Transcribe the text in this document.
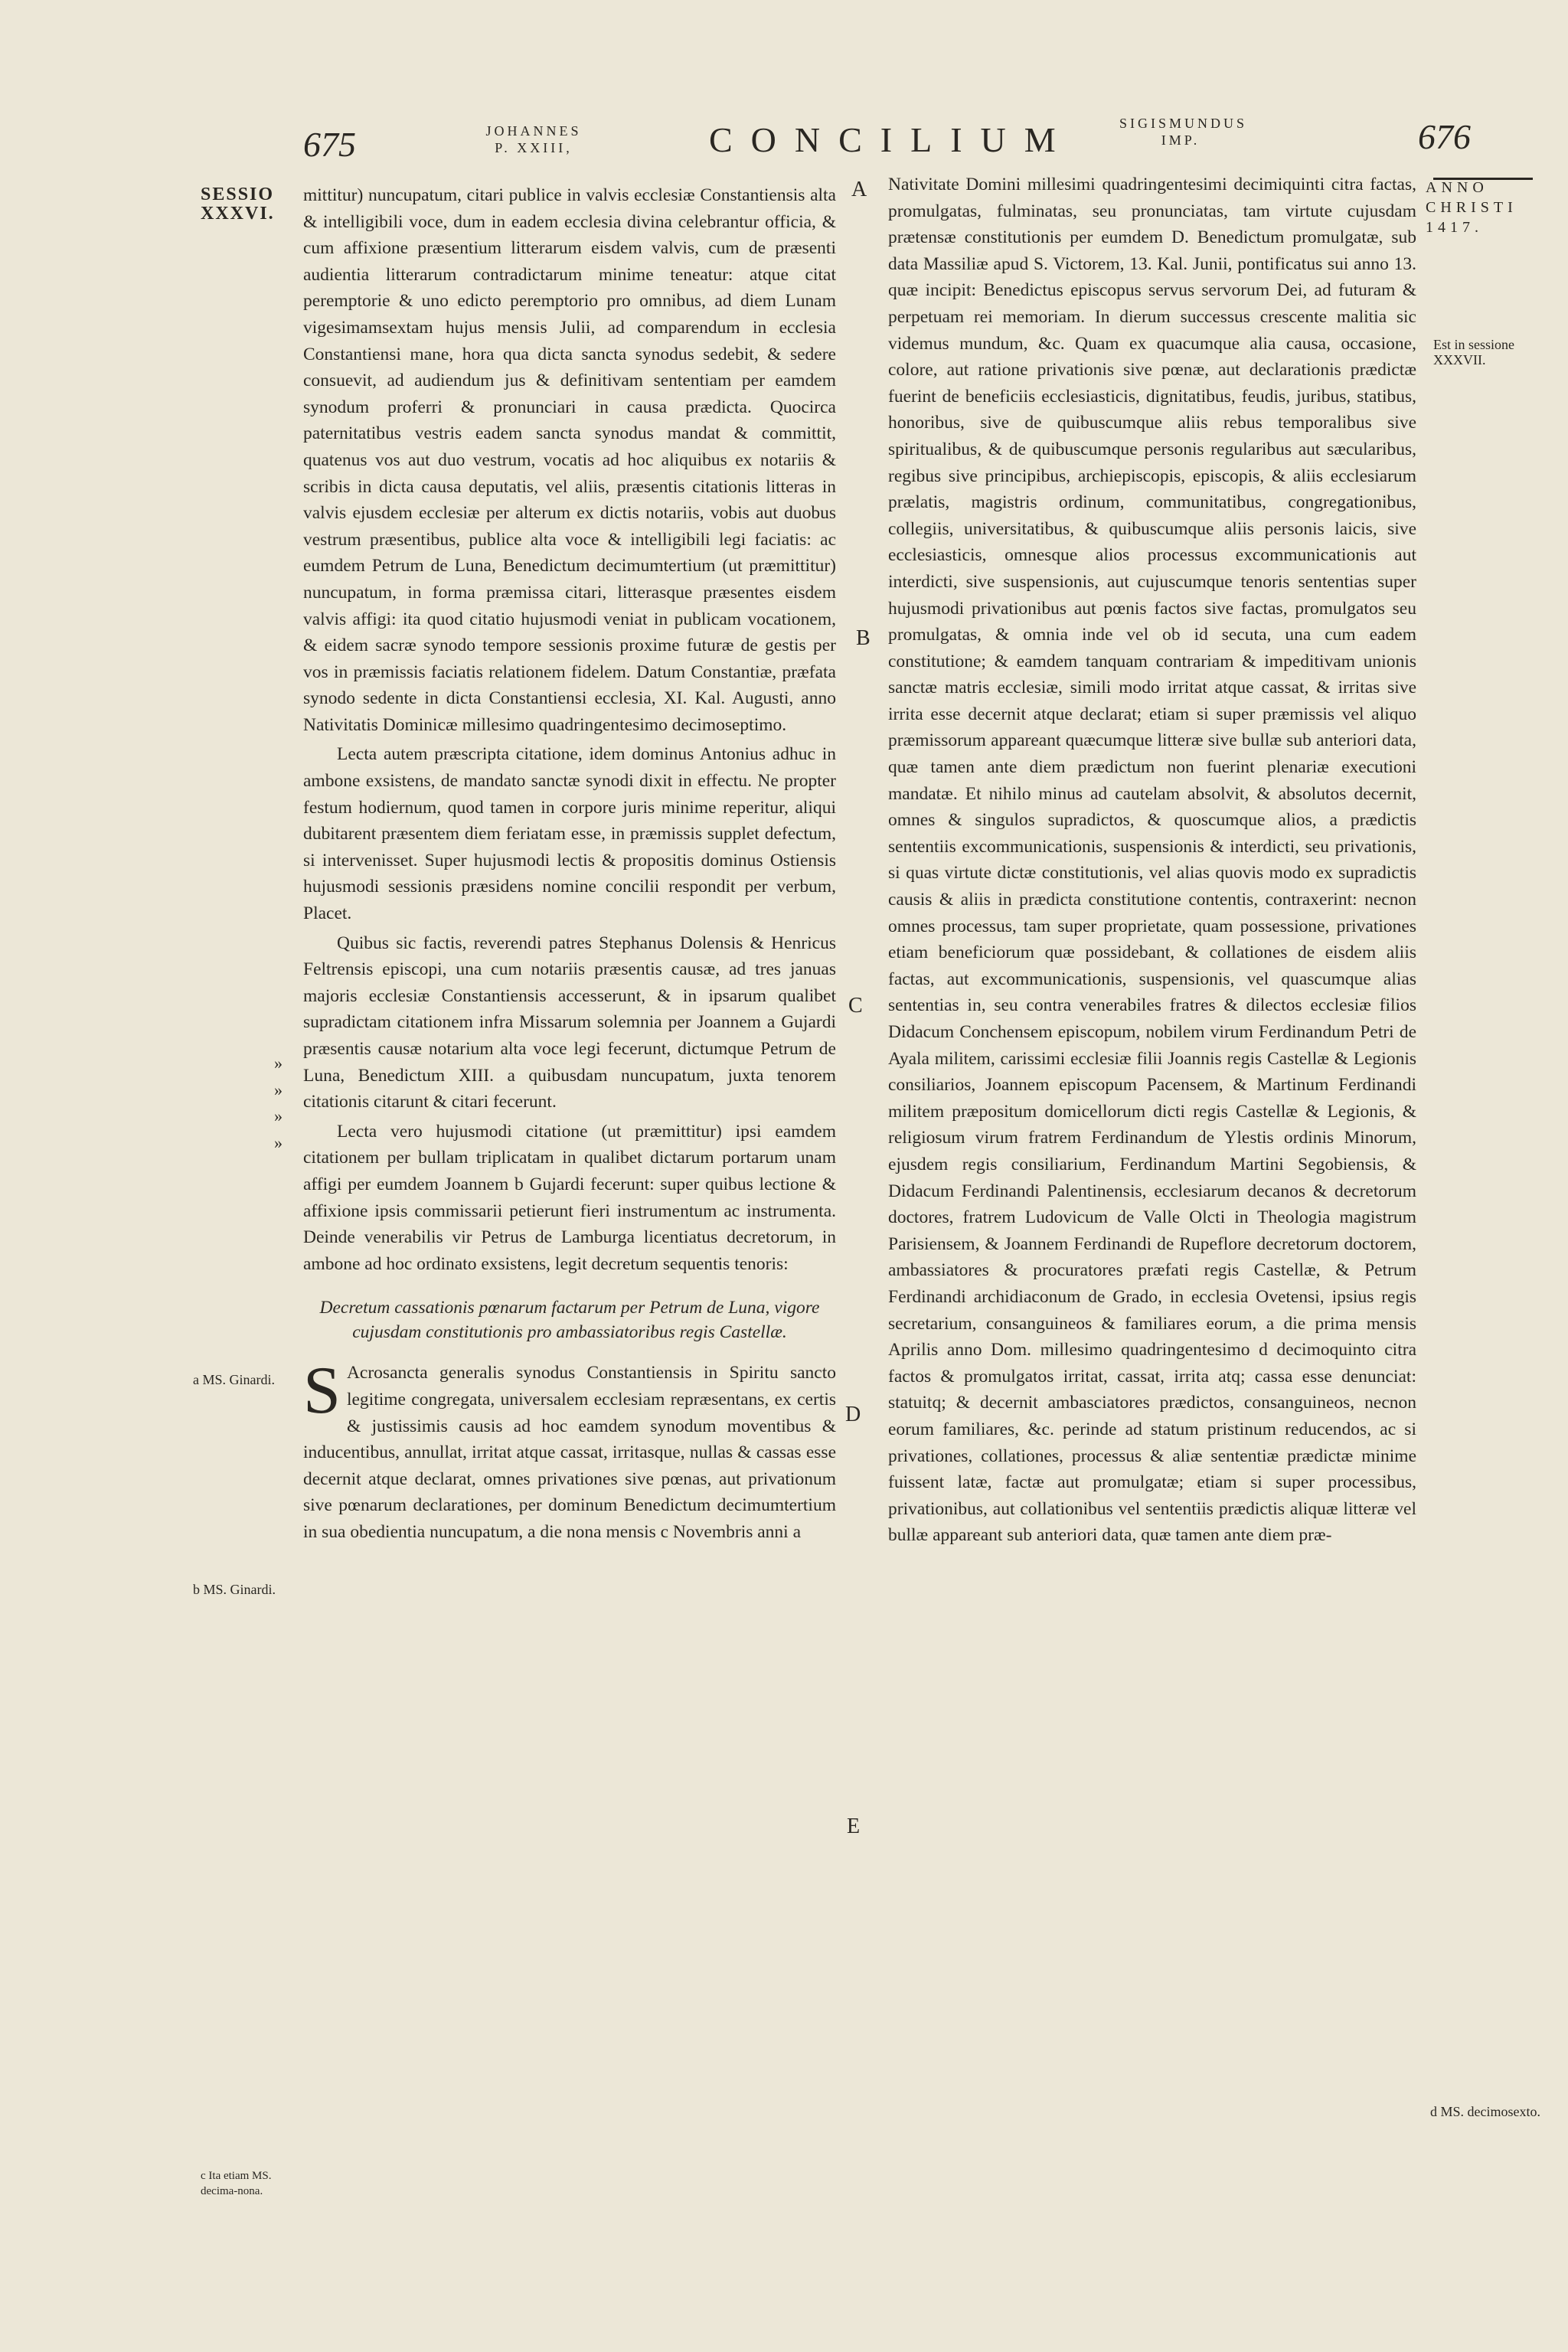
675	JOHANNES P. XXIII,	CONCILIUM	SIGISMUNDUS IMP.	676
SESSIO XXXVI.
a MS. Ginardi.
b MS. Ginardi.
c Ita etiam MS. decima-nona.
ANNO CHRISTI 1417.
Est in sessione XXXVII.
d MS. decimosexto.
A
B
C
D
E
»
»
»
»

mittitur) nuncupatum, citari publice in valvis ecclesiæ Constantiensis alta & intelligibili voce, dum in eadem ecclesia divina celebrantur officia, & cum affixione præsentium litterarum eisdem valvis, cum de præsenti audientia litterarum contradictarum minime teneatur: atque citat peremptorie & uno edicto peremptorio pro omnibus, ad diem Lunam vigesimamsextam hujus mensis Julii, ad comparendum in ecclesia Constantiensi mane, hora qua dicta sancta synodus sedebit, & sedere consuevit, ad audiendum jus & definitivam sententiam per eamdem synodum proferri & pronunciari in causa prædicta. Quocirca paternitatibus vestris eadem sancta synodus mandat & committit, quatenus vos aut duo vestrum, vocatis ad hoc aliquibus ex notariis & scribis in dicta causa deputatis, vel aliis, præsentis citationis litteras in valvis ejusdem ecclesiæ per alterum ex dictis notariis, vobis aut duobus vestrum præsentibus, publice alta voce & intelligibili legi faciatis: ac eumdem Petrum de Luna, Benedictum decimumtertium (ut præmittitur) nuncupatum, in forma præmissa citari, litterasque præsentes eisdem valvis affigi: ita quod citatio hujusmodi veniat in publicam vocationem, & eidem sacræ synodo tempore sessionis proxime futuræ de gestis per vos in præmissis faciatis relationem fidelem. Datum Constantiæ, præfata synodo sedente in dicta Constantiensi ecclesia, XI. Kal. Augusti, anno Nativitatis Dominicæ millesimo quadringentesimo decimoseptimo.

Lecta autem præscripta citatione, idem dominus Antonius adhuc in ambone exsistens, de mandato sanctæ synodi dixit in effectu. Ne propter festum hodiernum, quod tamen in corpore juris minime reperitur, aliqui dubitarent præsentem diem feriatam esse, in præmissis supplet defectum, si intervenisset. Super hujusmodi lectis & propositis dominus Ostiensis hujusmodi sessionis præsidens nomine concilii respondit per verbum, Placet.

Quibus sic factis, reverendi patres Stephanus Dolensis & Henricus Feltrensis episcopi, una cum notariis præsentis causæ, ad tres januas majoris ecclesiæ Constantiensis accesserunt, & in ipsarum qualibet supradictam citationem infra Missarum solemnia per Joannem a Gujardi præsentis causæ notarium alta voce legi fecerunt, dictumque Petrum de Luna, Benedictum XIII. a quibusdam nuncupatum, juxta tenorem citationis citarunt & citari fecerunt.

Lecta vero hujusmodi citatione (ut præmittitur) ipsi eamdem citationem per bullam triplicatam in qualibet dictarum portarum unam affigi per eumdem Joannem b Gujardi fecerunt: super quibus lectione & affixione ipsis commissarii petierunt fieri instrumentum ac instrumenta. Deinde venerabilis vir Petrus de Lamburga licentiatus decretorum, in ambone ad hoc ordinato exsistens, legit decretum sequentis tenoris:

Decretum cassationis pœnarum factarum per Petrum de Luna, vigore cujusdam constitutionis pro ambassiatoribus regis Castellæ.

S Acrosancta generalis synodus Constantiensis in Spiritu sancto legitime congregata, universalem ecclesiam repræsentans, ex certis & justissimis causis ad hoc eamdem synodum moventibus & inducentibus, annullat, irritat atque cassat, irritasque, nullas & cassas esse decernit atque declarat, omnes privationes sive pœnas, aut privationum sive pœnarum declarationes, per dominum Benedictum decimumtertium in sua obedientia nuncupatum, a die nona mensis c Novembris anni a

Nativitate Domini millesimi quadringentesimi decimiquinti citra factas, promulgatas, fulminatas, seu pronunciatas, tam virtute cujusdam prætensæ constitutionis per eumdem D. Benedictum promulgatæ, sub data Massiliæ apud S. Victorem, 13. Kal. Junii, pontificatus sui anno 13. quæ incipit: Benedictus episcopus servus servorum Dei, ad futuram & perpetuam rei memoriam. In dierum successus crescente malitia sic videmus mundum, &c. Quam ex quacumque alia causa, occasione, colore, aut ratione privationis sive pœnæ, aut declarationis prædictæ fuerint de beneficiis ecclesiasticis, dignitatibus, feudis, juribus, statibus, honoribus, sive de quibuscumque aliis rebus temporalibus sive spiritualibus, & de quibuscumque personis regularibus aut sæcularibus, regibus sive principibus, archiepiscopis, episcopis, & aliis ecclesiarum prælatis, magistris ordinum, communitatibus, congregationibus, collegiis, universitatibus, & quibuscumque aliis personis laicis, sive ecclesiasticis, omnesque alios processus excommunicationis aut interdicti, sive suspensionis, aut cujuscumque tenoris sententias super hujusmodi privationibus aut pœnis factos sive factas, promulgatos seu promulgatas, & omnia inde vel ob id secuta, una cum eadem constitutione; & eamdem tanquam contrariam & impeditivam unionis sanctæ matris ecclesiæ, simili modo irritat atque cassat, & irritas sive irrita esse decernit atque declarat; etiam si super præmissis vel aliquo præmissorum appareant quæcumque litteræ sive bullæ sub anteriori data, quæ tamen ante diem prædictum non fuerint plenariæ executioni mandatæ. Et nihilo minus ad cautelam absolvit, & absolutos decernit, omnes & singulos supradictos, & quoscumque alios, a prædictis sententiis excommunicationis, suspensionis & interdicti, seu privationis, si quas virtute dictæ constitutionis, vel alias quovis modo ex supradictis causis & aliis in prædicta constitutione contentis, contraxerint: necnon omnes processus, tam super proprietate, quam possessione, privationes etiam beneficiorum quæ possidebant, & collationes de eisdem aliis factas, aut excommunicationis, suspensionis, vel quascumque alias sententias in, seu contra venerabiles fratres & dilectos ecclesiæ filios Didacum Conchensem episcopum, nobilem virum Ferdinandum Petri de Ayala militem, carissimi ecclesiæ filii Joannis regis Castellæ & Legionis consiliarios, Joannem episcopum Pacensem, & Martinum Ferdinandi militem præpositum domicellorum dicti regis Castellæ & Legionis, & religiosum virum fratrem Ferdinandum de Ylestis ordinis Minorum, ejusdem regis consiliarium, Ferdinandum Martini Segobiensis, & Didacum Ferdinandi Palentinensis, ecclesiarum decanos & decretorum doctores, fratrem Ludovicum de Valle Olcti in Theologia magistrum Parisiensem, & Joannem Ferdinandi de Rupeflore decretorum doctorem, ambassiatores & procuratores præfati regis Castellæ, & Petrum Ferdinandi archidiaconum de Grado, in ecclesia Ovetensi, ipsius regis secretarium, consanguineos & familiares eorum, a die prima mensis Aprilis anno Dom. millesimo quadringentesimo d decimoquinto citra factos & promulgatos irritat, cassat, irrita atq; cassa esse denunciat: statuitq; & decernit ambasciatores prædictos, consanguineos, necnon eorum familiares, &c. perinde ad statum pristinum reducendos, ac si privationes, collationes, processus & aliæ sententiæ prædictæ minime fuissent latæ, factæ aut promulgatæ; etiam si super processibus, privationibus, aut collationibus vel sententiis prædictis aliquæ litteræ vel bullæ appareant sub anteriori data, quæ tamen ante diem præ-
